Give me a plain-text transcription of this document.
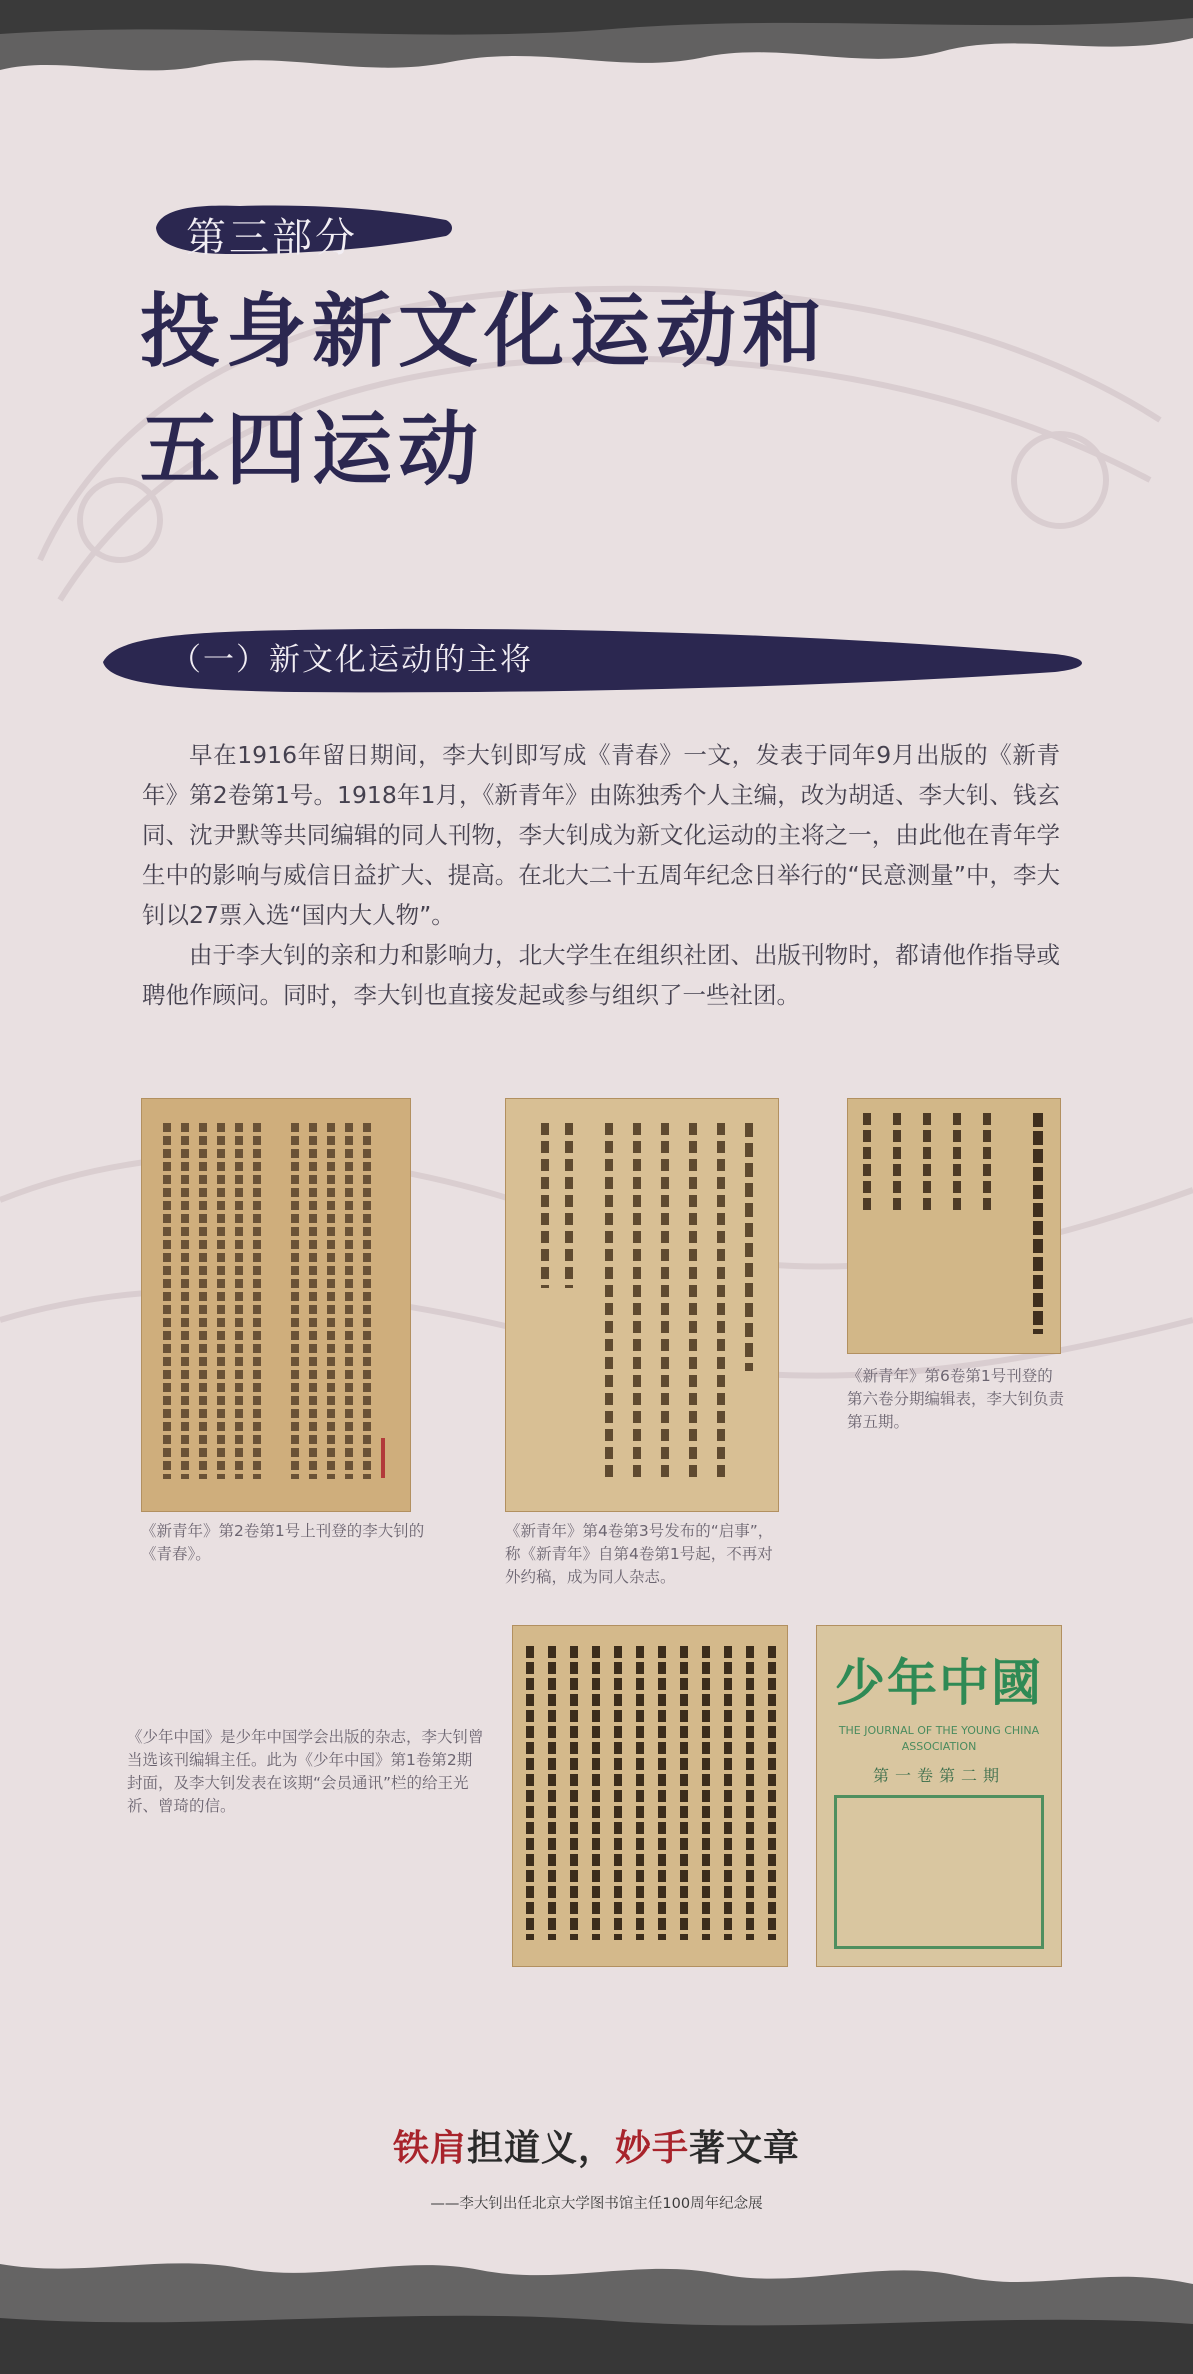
第三部分
投身新文化运动和
五四运动
（一）新文化运动的主将

早在1916年留日期间，李大钊即写成《青春》一文，发表于同年9月出版的《新青年》第2卷第1号。1918年1月，《新青年》由陈独秀个人主编，改为胡适、李大钊、钱玄同、沈尹默等共同编辑的同人刊物，李大钊成为新文化运动的主将之一，由此他在青年学生中的影响与威信日益扩大、提高。在北大二十五周年纪念日举行的“民意测量”中，李大钊以27票入选“国内大人物”。

由于李大钊的亲和力和影响力，北大学生在组织社团、出版刊物时，都请他作指导或聘他作顾问。同时，李大钊也直接发起或参与组织了一些社团。

《新青年》第2卷第1号上刊登的李大钊的《青春》。
《新青年》第4卷第3号发布的“启事”，称《新青年》自第4卷第1号起，不再对外约稿，成为同人杂志。
《新青年》第6卷第1号刊登的第六卷分期编辑表，李大钊负责第五期。
《少年中国》是少年中国学会出版的杂志，李大钊曾当选该刊编辑主任。此为《少年中国》第1卷第2期封面，及李大钊发表在该期“会员通讯”栏的给王光祈、曾琦的信。
少年中國
THE JOURNAL OF THE YOUNG CHINA
ASSOCIATION
第一卷第二期
铁肩担道义，妙手著文章
——李大钊出任北京大学图书馆主任100周年纪念展
